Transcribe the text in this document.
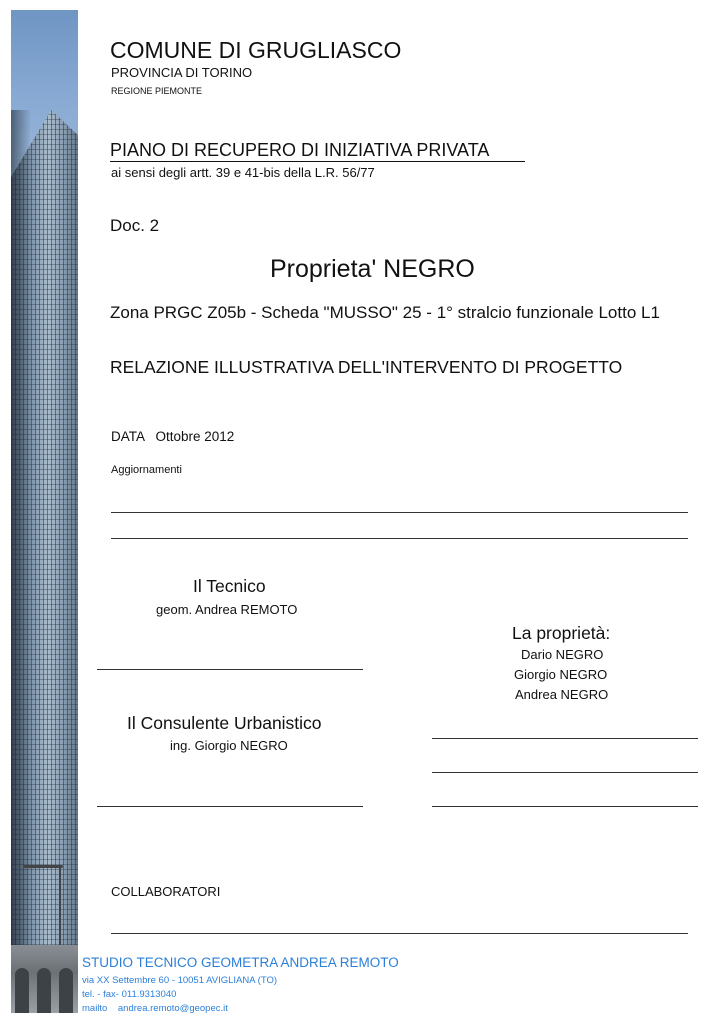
COMUNE DI GRUGLIASCO
PROVINCIA DI TORINO
REGIONE PIEMONTE
PIANO DI RECUPERO DI INIZIATIVA PRIVATA
ai sensi degli artt. 39 e 41-bis della L.R. 56/77
Doc. 2
Proprieta' NEGRO
Zona PRGC Z05b - Scheda "MUSSO" 25 - 1° stralcio funzionale Lotto L1
RELAZIONE ILLUSTRATIVA DELL'INTERVENTO DI PROGETTO
DATA   Ottobre 2012
Aggiornamenti
Il Tecnico
geom. Andrea REMOTO
La proprietà:
Dario NEGRO
Giorgio NEGRO
Andrea NEGRO
Il Consulente Urbanistico
ing. Giorgio NEGRO
COLLABORATORI
STUDIO TECNICO GEOMETRA ANDREA REMOTO
via XX Settembre 60 - 10051 AVIGLIANA (TO)
tel. - fax- 011.9313040
mailto    andrea.remoto@geopec.it
